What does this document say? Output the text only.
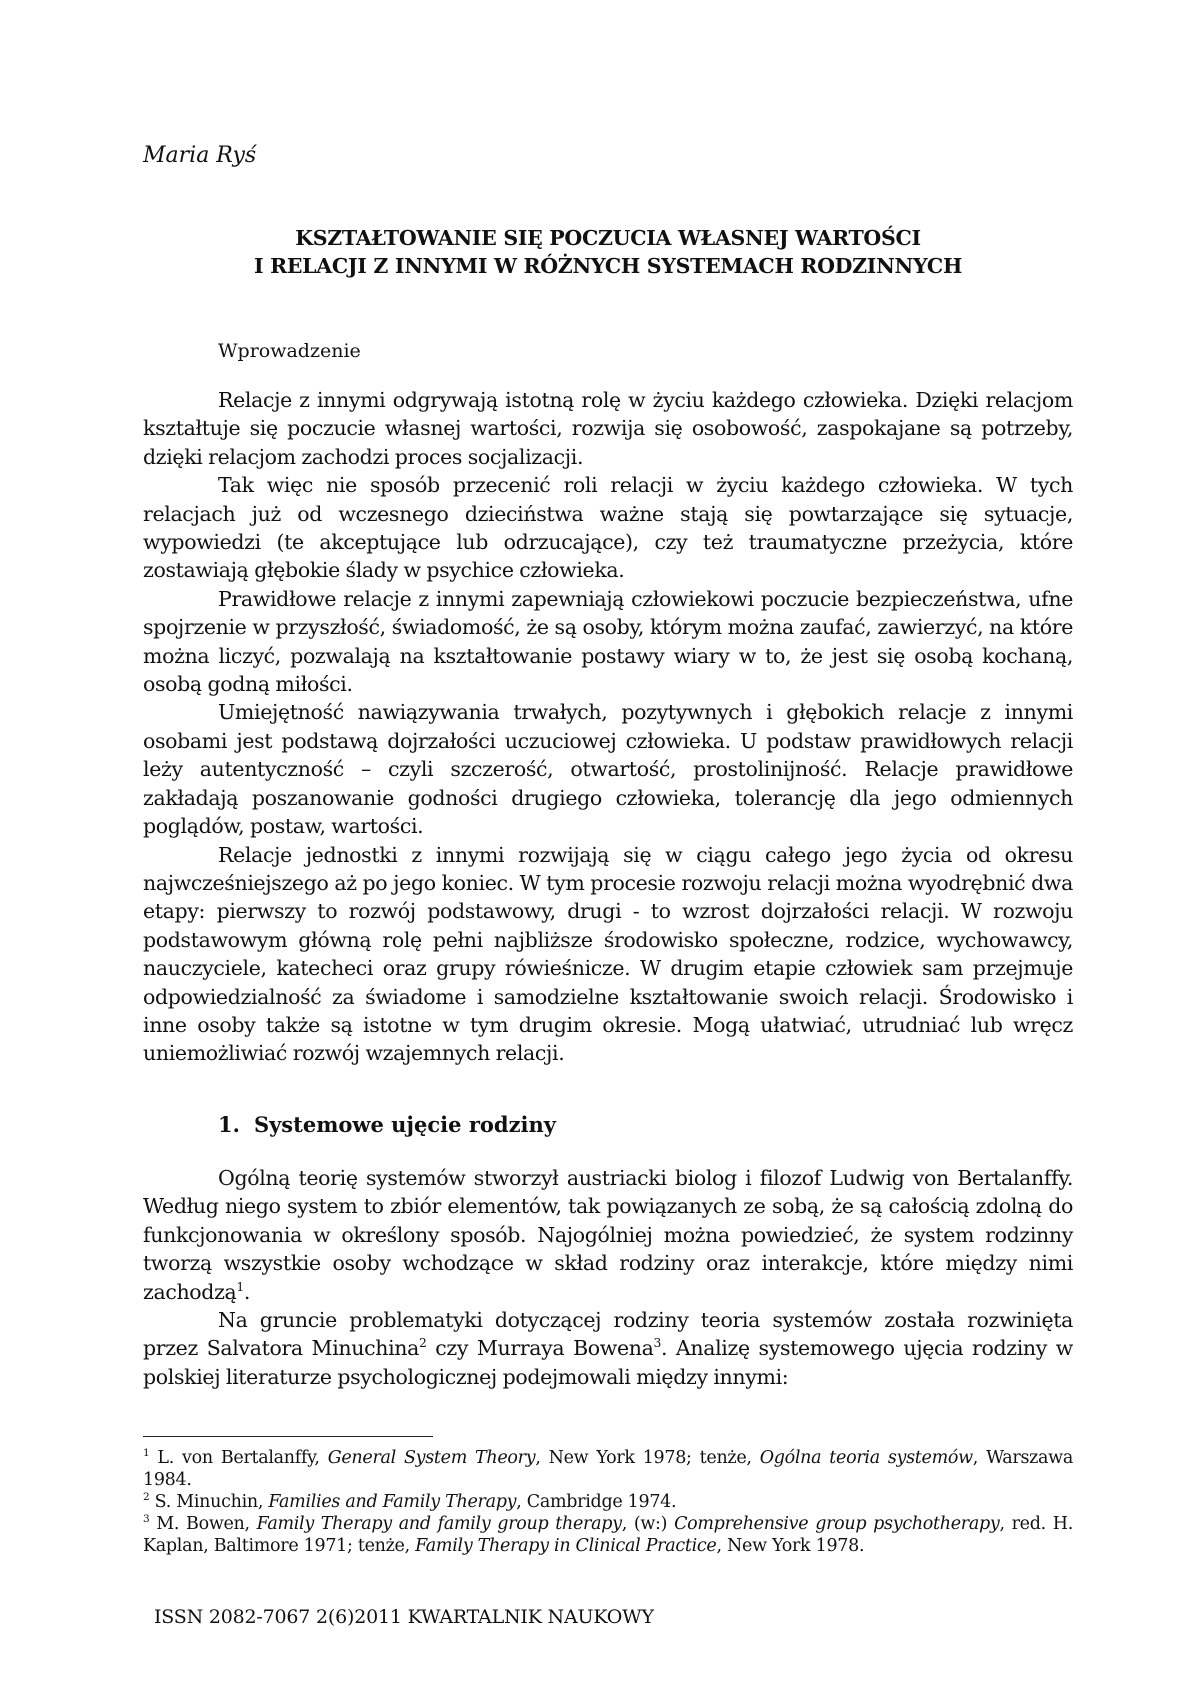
Maria Ryś
KSZTAŁTOWANIE SIĘ POCZUCIA WŁASNEJ WARTOŚCI
I RELACJI Z INNYMI W RÓŻNYCH SYSTEMACH RODZINNYCH
Wprowadzenie

Relacje z innymi odgrywają istotną rolę w życiu każdego człowieka. Dzięki relacjom kształtuje się poczucie własnej wartości, rozwija się osobowość, zaspokajane są potrzeby, dzięki relacjom zachodzi proces socjalizacji.

Tak więc nie sposób przecenić roli relacji w życiu każdego człowieka. W tych relacjach już od wczesnego dzieciństwa ważne stają się powtarzające się sytuacje, wypowiedzi (te akceptujące lub odrzucające), czy też traumatyczne przeżycia, które zostawiają głębokie ślady w psychice człowieka.

Prawidłowe relacje z innymi zapewniają człowiekowi poczucie bezpieczeństwa, ufne spojrzenie w przyszłość, świadomość, że są osoby, którym można zaufać, zawierzyć, na które można liczyć, pozwalają na kształtowanie postawy wiary w to, że jest się osobą kochaną, osobą godną miłości.

Umiejętność nawiązywania trwałych, pozytywnych i głębokich relacje z innymi osobami jest podstawą dojrzałości uczuciowej człowieka. U podstaw prawidłowych relacji leży autentyczność – czyli szczerość, otwartość, prostolinijność. Relacje prawidłowe zakładają poszanowanie godności drugiego człowieka, tolerancję dla jego odmiennych poglądów, postaw, wartości.

Relacje jednostki z innymi rozwijają się w ciągu całego jego życia od okresu najwcześniejszego aż po jego koniec. W tym procesie rozwoju relacji można wyodrębnić dwa etapy: pierwszy to rozwój podstawowy, drugi - to wzrost dojrzałości relacji. W rozwoju podstawowym główną rolę pełni najbliższe środowisko społeczne, rodzice, wychowawcy, nauczyciele, katecheci oraz grupy rówieśnicze. W drugim etapie człowiek sam przejmuje odpowiedzialność za świadome i samodzielne kształtowanie swoich relacji. Środowisko i inne osoby także są istotne w tym drugim okresie. Mogą ułatwiać, utrudniać lub wręcz uniemożliwiać rozwój wzajemnych relacji.

1. Systemowe ujęcie rodziny

Ogólną teorię systemów stworzył austriacki biolog i filozof Ludwig von Bertalanffy. Według niego system to zbiór elementów, tak powiązanych ze sobą, że są całością zdolną do funkcjonowania w określony sposób. Najogólniej można powiedzieć, że system rodzinny tworzą wszystkie osoby wchodzące w skład rodziny oraz interakcje, które między nimi zachodzą$^1$.

Na gruncie problematyki dotyczącej rodziny teoria systemów została rozwinięta przez Salvatora Minuchina$^2$ czy Murraya Bowena$^3$. Analizę systemowego ujęcia rodziny w polskiej literaturze psychologicznej podejmowali między innymi:

$^1$ L. von Bertalanffy, General System Theory, New York 1978; tenże, Ogólna teoria systemów, Warszawa 1984.
$^2$ S. Minuchin, Families and Family Therapy, Cambridge 1974.
$^3$ M. Bowen, Family Therapy and family group therapy, (w:) Comprehensive group psychotherapy, red. H. Kaplan, Baltimore 1971; tenże, Family Therapy in Clinical Practice, New York 1978.
ISSN 2082-7067 2(6)2011 KWARTALNIK NAUKOWY
